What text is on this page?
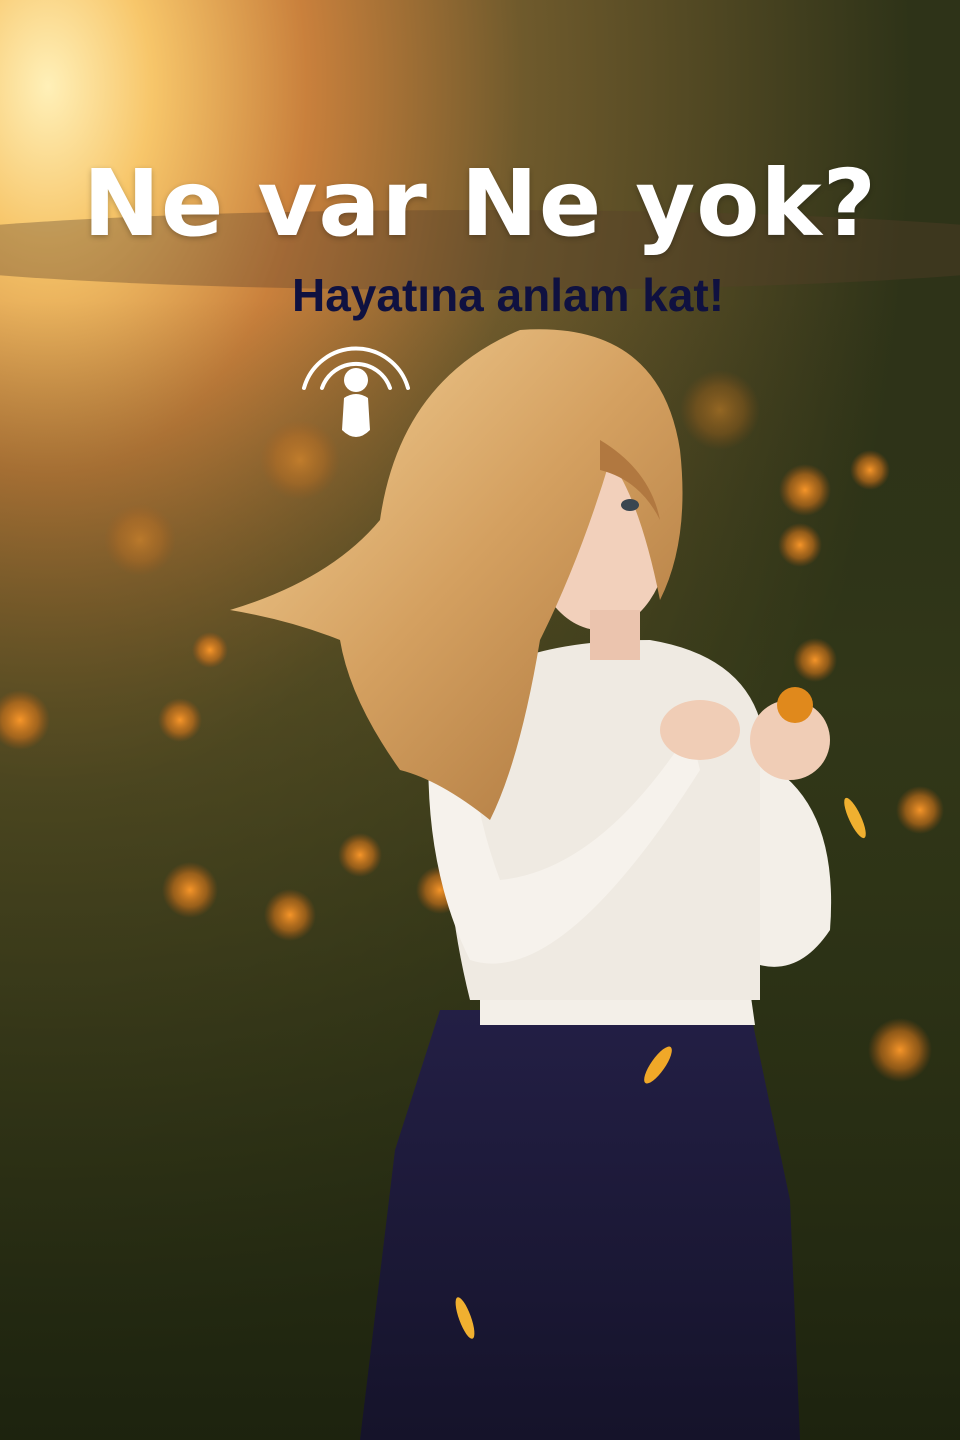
Ne var Ne yok?
Hayatına anlam kat!
